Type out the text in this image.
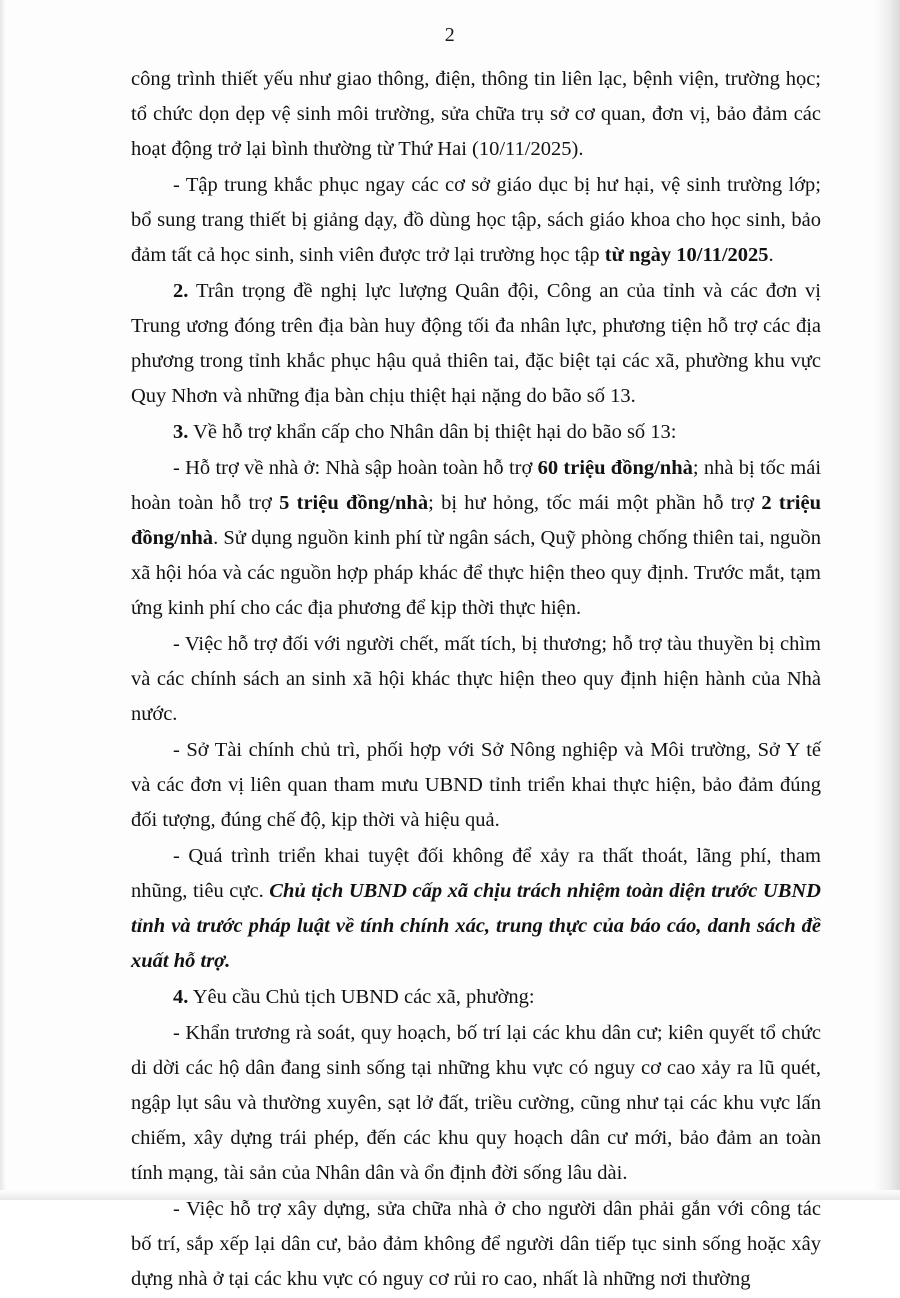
2

công trình thiết yếu như giao thông, điện, thông tin liên lạc, bệnh viện, trường học; tổ chức dọn dẹp vệ sinh môi trường, sửa chữa trụ sở cơ quan, đơn vị, bảo đảm các hoạt động trở lại bình thường từ Thứ Hai (10/11/2025).

- Tập trung khắc phục ngay các cơ sở giáo dục bị hư hại, vệ sinh trường lớp; bổ sung trang thiết bị giảng dạy, đồ dùng học tập, sách giáo khoa cho học sinh, bảo đảm tất cả học sinh, sinh viên được trở lại trường học tập từ ngày 10/11/2025.

2. Trân trọng đề nghị lực lượng Quân đội, Công an của tỉnh và các đơn vị Trung ương đóng trên địa bàn huy động tối đa nhân lực, phương tiện hỗ trợ các địa phương trong tỉnh khắc phục hậu quả thiên tai, đặc biệt tại các xã, phường khu vực Quy Nhơn và những địa bàn chịu thiệt hại nặng do bão số 13.

3. Về hỗ trợ khẩn cấp cho Nhân dân bị thiệt hại do bão số 13:

- Hỗ trợ về nhà ở: Nhà sập hoàn toàn hỗ trợ 60 triệu đồng/nhà; nhà bị tốc mái hoàn toàn hỗ trợ 5 triệu đồng/nhà; bị hư hỏng, tốc mái một phần hỗ trợ 2 triệu đồng/nhà. Sử dụng nguồn kinh phí từ ngân sách, Quỹ phòng chống thiên tai, nguồn xã hội hóa và các nguồn hợp pháp khác để thực hiện theo quy định. Trước mắt, tạm ứng kinh phí cho các địa phương để kịp thời thực hiện.

- Việc hỗ trợ đối với người chết, mất tích, bị thương; hỗ trợ tàu thuyền bị chìm và các chính sách an sinh xã hội khác thực hiện theo quy định hiện hành của Nhà nước.

- Sở Tài chính chủ trì, phối hợp với Sở Nông nghiệp và Môi trường, Sở Y tế và các đơn vị liên quan tham mưu UBND tỉnh triển khai thực hiện, bảo đảm đúng đối tượng, đúng chế độ, kịp thời và hiệu quả.

- Quá trình triển khai tuyệt đối không để xảy ra thất thoát, lãng phí, tham nhũng, tiêu cực. Chủ tịch UBND cấp xã chịu trách nhiệm toàn diện trước UBND tỉnh và trước pháp luật về tính chính xác, trung thực của báo cáo, danh sách đề xuất hỗ trợ.

4. Yêu cầu Chủ tịch UBND các xã, phường:

- Khẩn trương rà soát, quy hoạch, bố trí lại các khu dân cư; kiên quyết tổ chức di dời các hộ dân đang sinh sống tại những khu vực có nguy cơ cao xảy ra lũ quét, ngập lụt sâu và thường xuyên, sạt lở đất, triều cường, cũng như tại các khu vực lấn chiếm, xây dựng trái phép, đến các khu quy hoạch dân cư mới, bảo đảm an toàn tính mạng, tài sản của Nhân dân và ổn định đời sống lâu dài.

- Việc hỗ trợ xây dựng, sửa chữa nhà ở cho người dân phải gắn với công tác bố trí, sắp xếp lại dân cư, bảo đảm không để người dân tiếp tục sinh sống hoặc xây dựng nhà ở tại các khu vực có nguy cơ rủi ro cao, nhất là những nơi thường
